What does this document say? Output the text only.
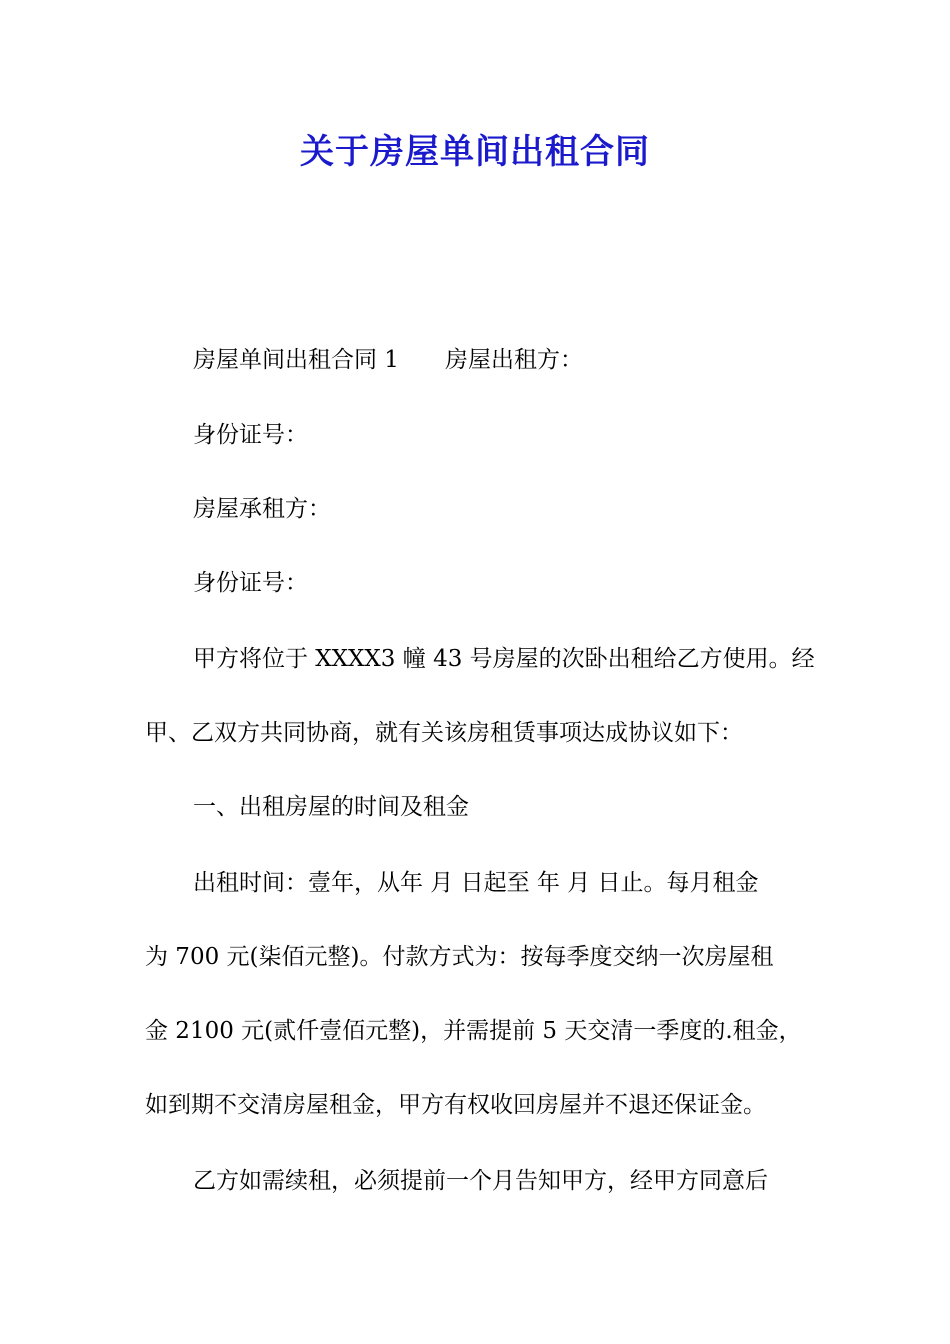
关于房屋单间出租合同
房屋单间出租合同 1 房屋出租方：
身份证号：
房屋承租方：
身份证号：
甲方将位于 XXXX3 幢 43 号房屋的次卧出租给乙方使用。经
甲、乙双方共同协商，就有关该房租赁事项达成协议如下：
一、出租房屋的时间及租金
出租时间：壹年，从年 月 日起至 年 月 日止。每月租金
为 700 元(柒佰元整)。付款方式为：按每季度交纳一次房屋租
金 2100 元(贰仟壹佰元整)，并需提前 5 天交清一季度的.租金，
如到期不交清房屋租金，甲方有权收回房屋并不退还保证金。
乙方如需续租，必须提前一个月告知甲方，经甲方同意后
